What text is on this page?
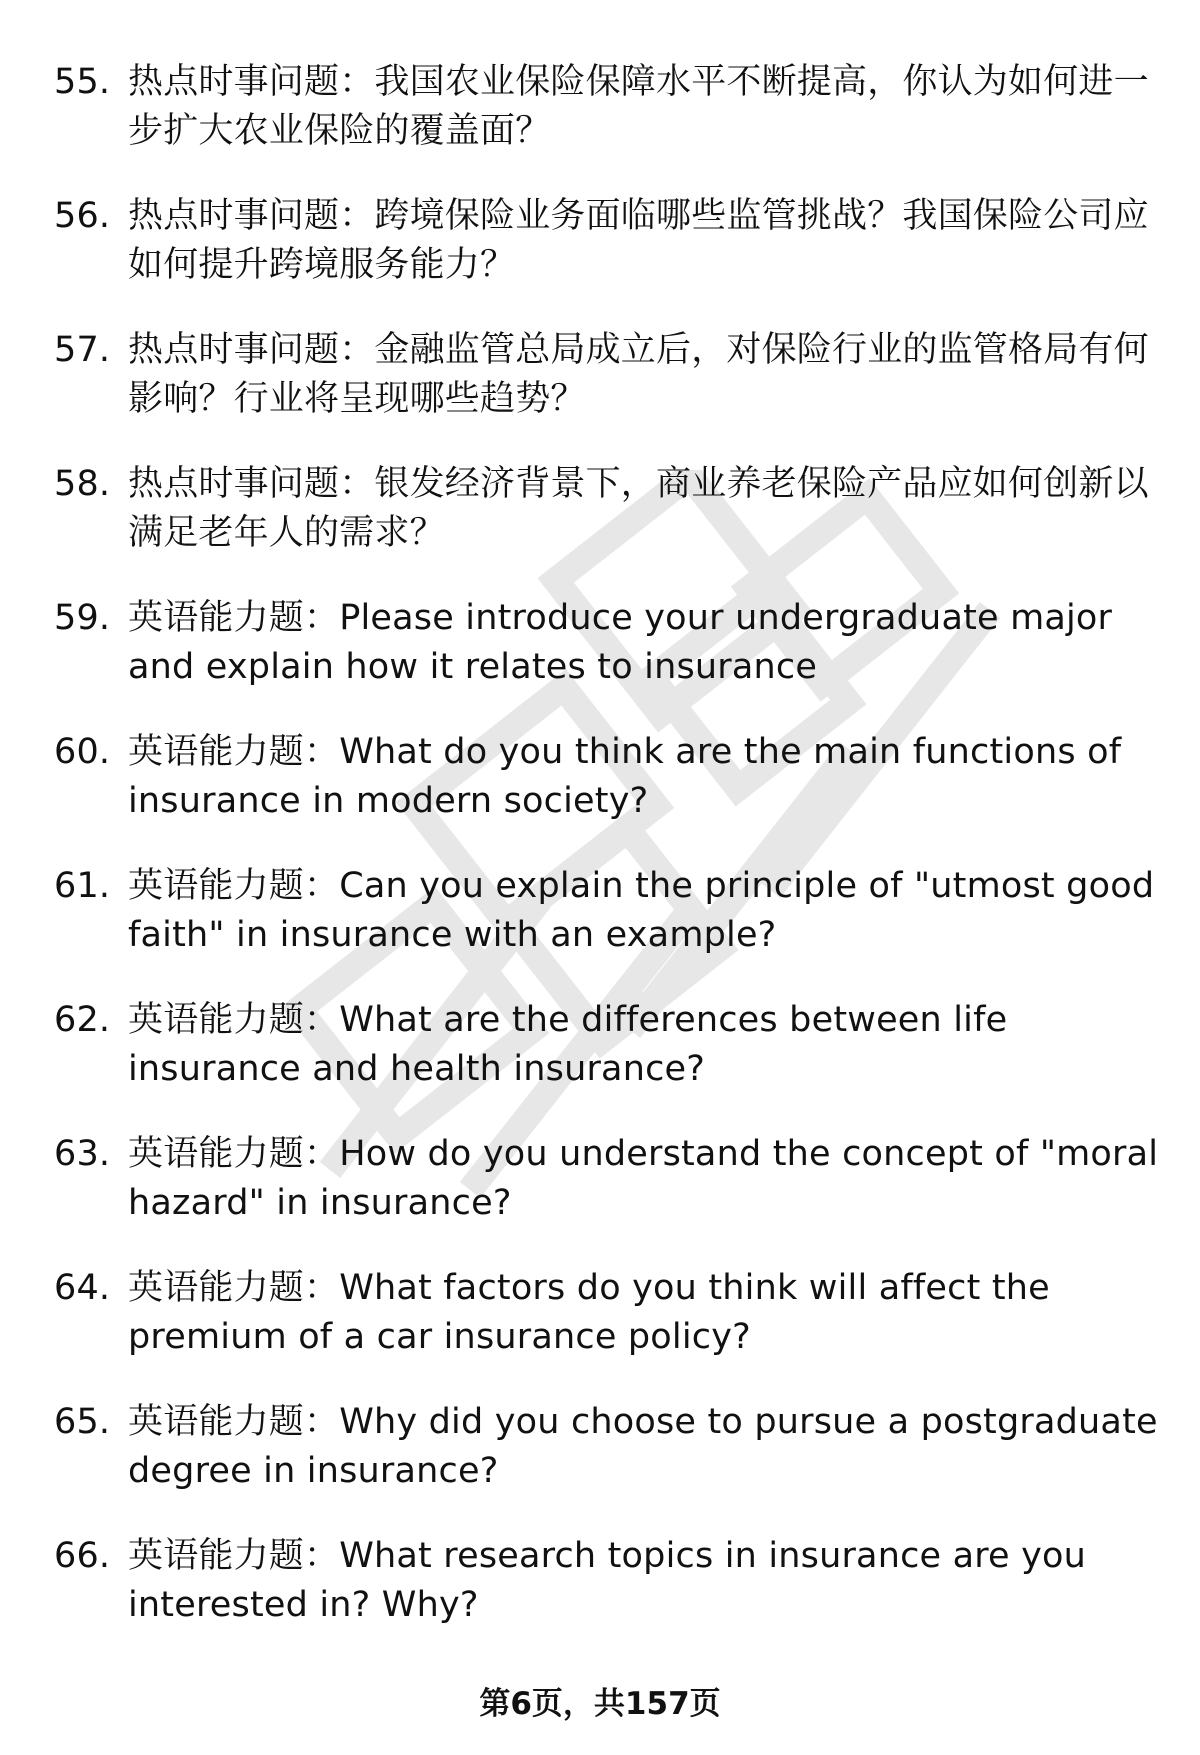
55. 热点时事问题：我国农业保险保障水平不断提高，你认为如何进一步扩大农业保险的覆盖面？
56. 热点时事问题：跨境保险业务面临哪些监管挑战？我国保险公司应如何提升跨境服务能力？
57. 热点时事问题：金融监管总局成立后，对保险行业的监管格局有何影响？行业将呈现哪些趋势？
58. 热点时事问题：银发经济背景下，商业养老保险产品应如何创新以满足老年人的需求？
59. 英语能力题：Please introduce your undergraduate major and explain how it relates to insurance
60. 英语能力题：What do you think are the main functions of insurance in modern society?
61. 英语能力题：Can you explain the principle of "utmost good faith" in insurance with an example?
62. 英语能力题：What are the differences between life insurance and health insurance?
63. 英语能力题：How do you understand the concept of "moral hazard" in insurance?
64. 英语能力题：What factors do you think will affect the premium of a car insurance policy?
65. 英语能力题：Why did you choose to pursue a postgraduate degree in insurance?
66. 英语能力题：What research topics in insurance are you interested in? Why?
第6页，共157页
